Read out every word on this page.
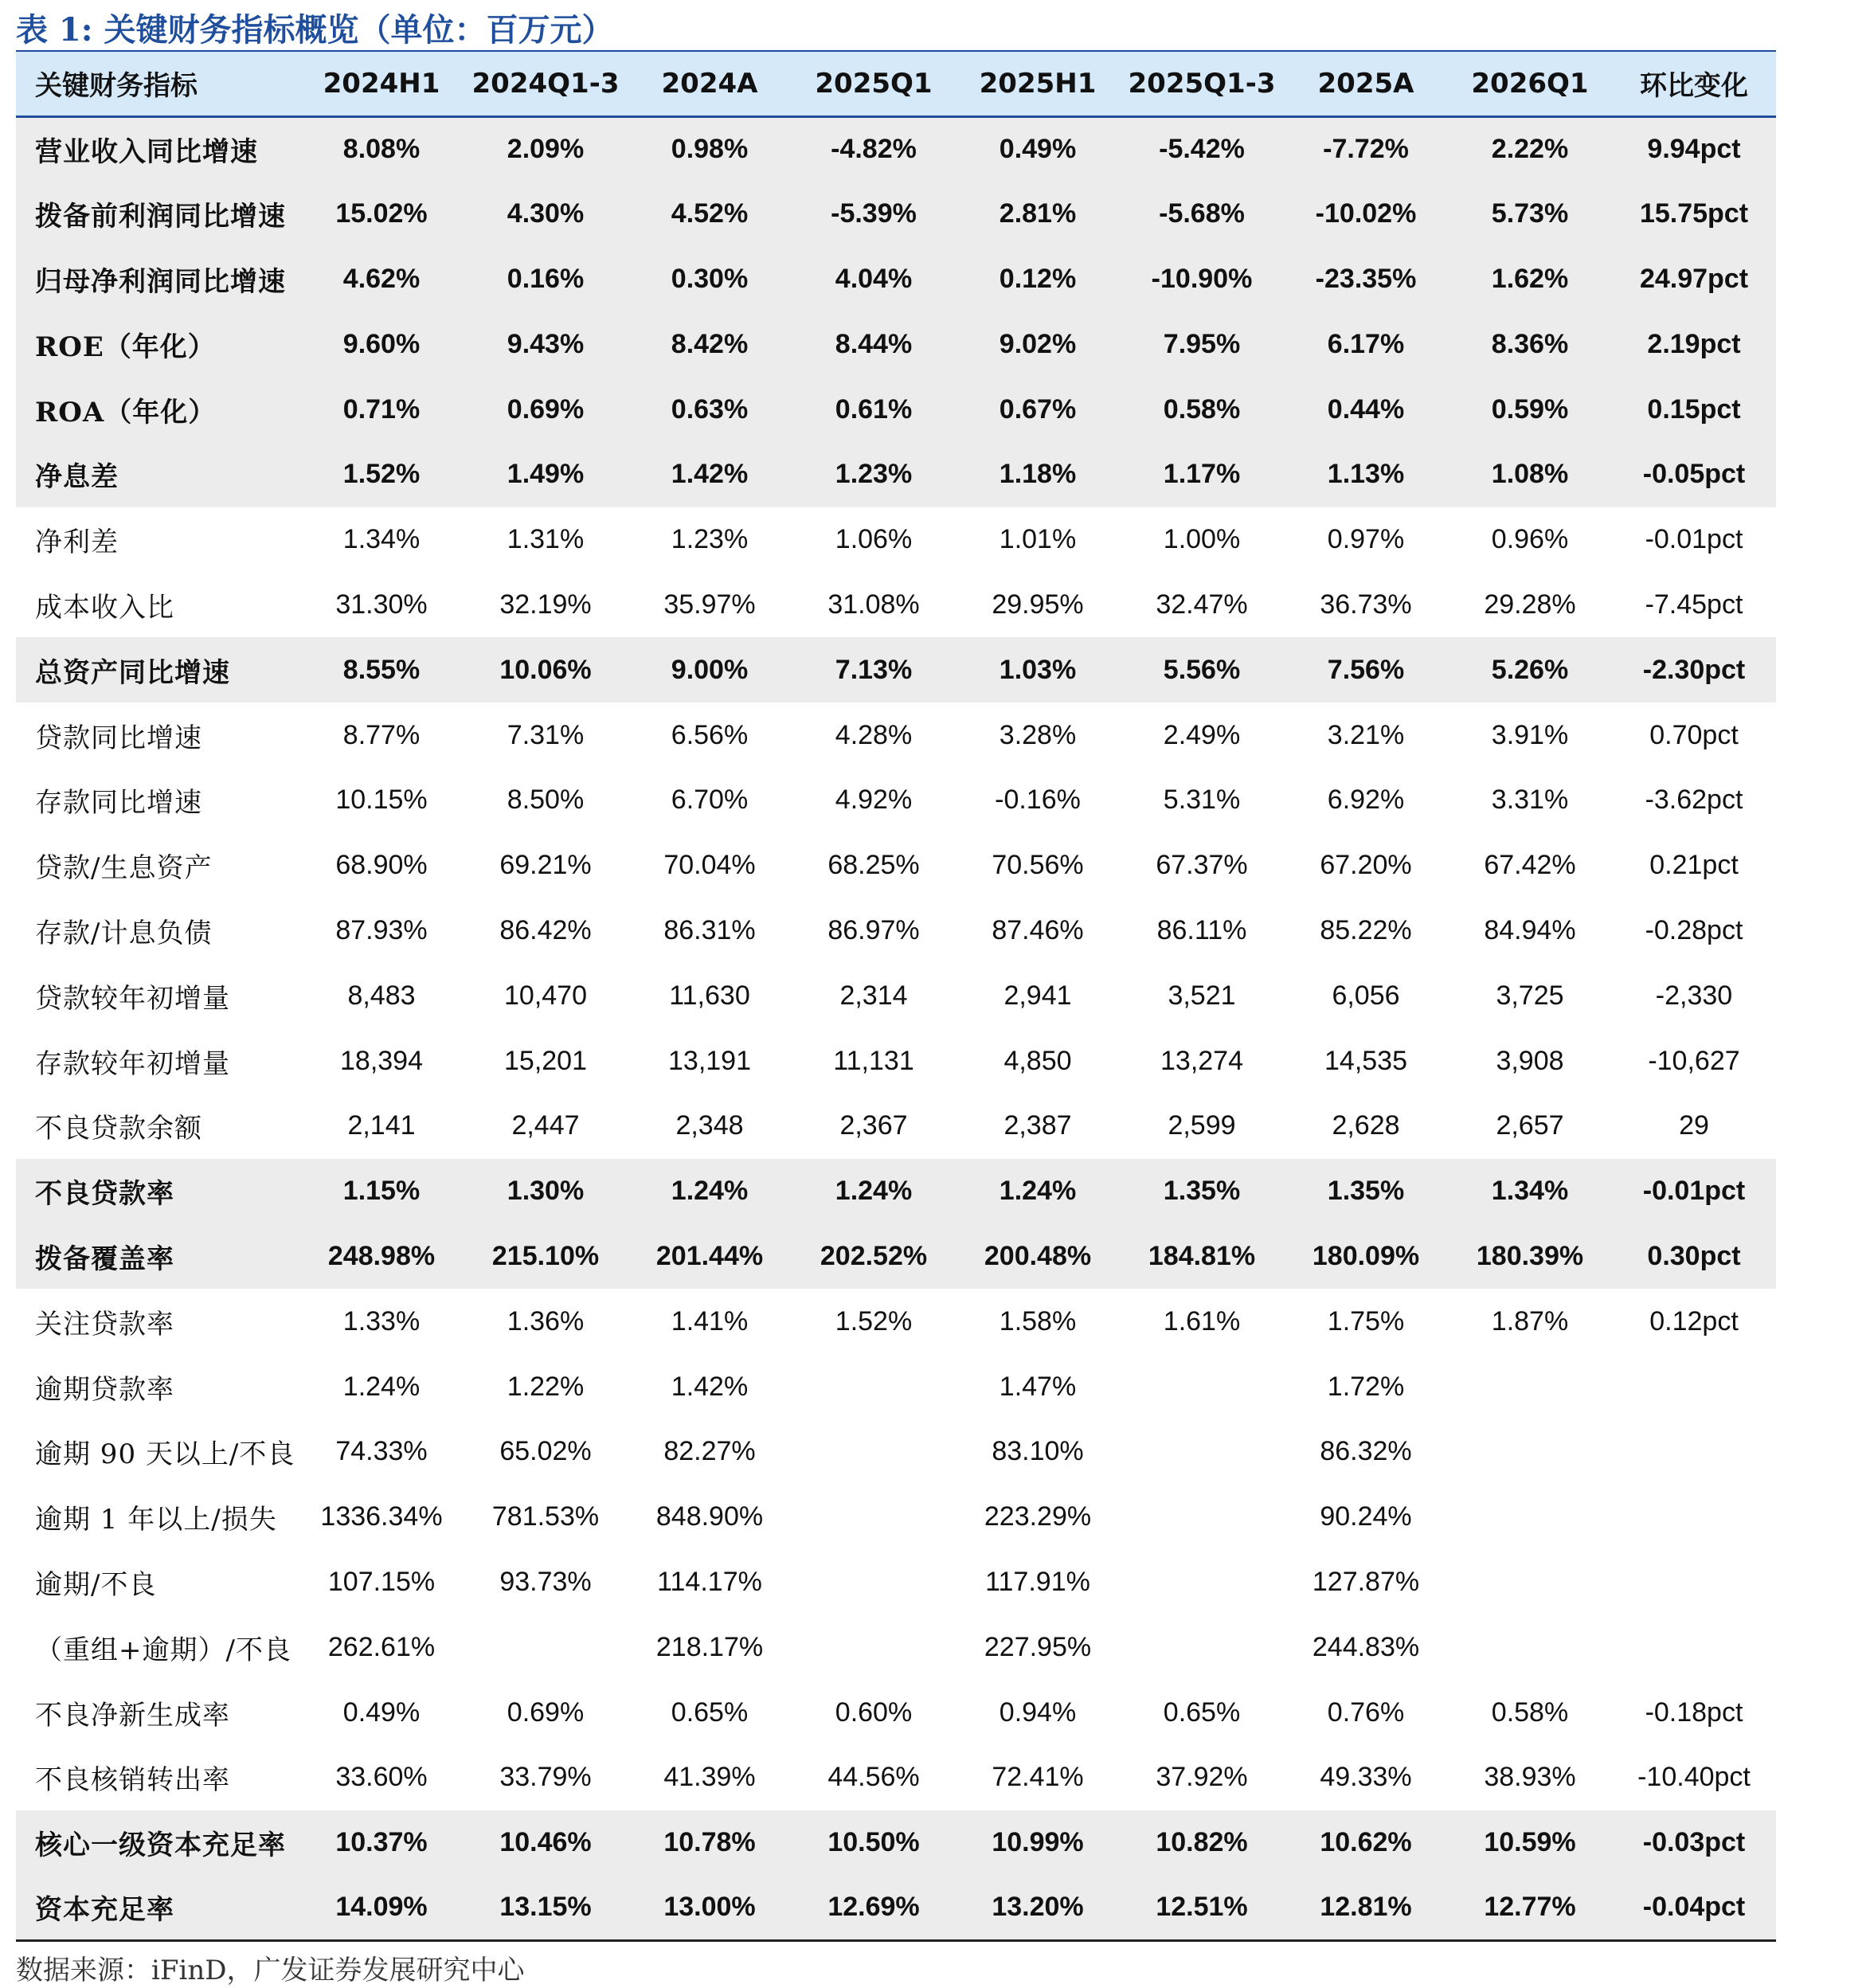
表 1: 关键财务指标概览（单位：百万元）
关键财务指标	2024H1	2024Q1-3	2024A	2025Q1	2025H1	2025Q1-3	2025A	2026Q1	环比变化
营业收入同比增速	8.08%	2.09%	0.98%	-4.82%	0.49%	-5.42%	-7.72%	2.22%	9.94pct
拨备前利润同比增速	15.02%	4.30%	4.52%	-5.39%	2.81%	-5.68%	-10.02%	5.73%	15.75pct
归母净利润同比增速	4.62%	0.16%	0.30%	4.04%	0.12%	-10.90%	-23.35%	1.62%	24.97pct
ROE（年化）	9.60%	9.43%	8.42%	8.44%	9.02%	7.95%	6.17%	8.36%	2.19pct
ROA（年化）	0.71%	0.69%	0.63%	0.61%	0.67%	0.58%	0.44%	0.59%	0.15pct
净息差	1.52%	1.49%	1.42%	1.23%	1.18%	1.17%	1.13%	1.08%	-0.05pct
净利差	1.34%	1.31%	1.23%	1.06%	1.01%	1.00%	0.97%	0.96%	-0.01pct
成本收入比	31.30%	32.19%	35.97%	31.08%	29.95%	32.47%	36.73%	29.28%	-7.45pct
总资产同比增速	8.55%	10.06%	9.00%	7.13%	1.03%	5.56%	7.56%	5.26%	-2.30pct
贷款同比增速	8.77%	7.31%	6.56%	4.28%	3.28%	2.49%	3.21%	3.91%	0.70pct
存款同比增速	10.15%	8.50%	6.70%	4.92%	-0.16%	5.31%	6.92%	3.31%	-3.62pct
贷款/生息资产	68.90%	69.21%	70.04%	68.25%	70.56%	67.37%	67.20%	67.42%	0.21pct
存款/计息负债	87.93%	86.42%	86.31%	86.97%	87.46%	86.11%	85.22%	84.94%	-0.28pct
贷款较年初增量	8,483	10,470	11,630	2,314	2,941	3,521	6,056	3,725	-2,330
存款较年初增量	18,394	15,201	13,191	11,131	4,850	13,274	14,535	3,908	-10,627
不良贷款余额	2,141	2,447	2,348	2,367	2,387	2,599	2,628	2,657	29
不良贷款率	1.15%	1.30%	1.24%	1.24%	1.24%	1.35%	1.35%	1.34%	-0.01pct
拨备覆盖率	248.98%	215.10%	201.44%	202.52%	200.48%	184.81%	180.09%	180.39%	0.30pct
关注贷款率	1.33%	1.36%	1.41%	1.52%	1.58%	1.61%	1.75%	1.87%	0.12pct
逾期贷款率	1.24%	1.22%	1.42%		1.47%		1.72%		
逾期 90 天以上/不良	74.33%	65.02%	82.27%		83.10%		86.32%		
逾期 1 年以上/损失	1336.34%	781.53%	848.90%		223.29%		90.24%		
逾期/不良	107.15%	93.73%	114.17%		117.91%		127.87%		
（重组+逾期）/不良	262.61%		218.17%		227.95%		244.83%		
不良净新生成率	0.49%	0.69%	0.65%	0.60%	0.94%	0.65%	0.76%	0.58%	-0.18pct
不良核销转出率	33.60%	33.79%	41.39%	44.56%	72.41%	37.92%	49.33%	38.93%	-10.40pct
核心一级资本充足率	10.37%	10.46%	10.78%	10.50%	10.99%	10.82%	10.62%	10.59%	-0.03pct
资本充足率	14.09%	13.15%	13.00%	12.69%	13.20%	12.51%	12.81%	12.77%	-0.04pct
数据来源：iFinD，广发证券发展研究中心
